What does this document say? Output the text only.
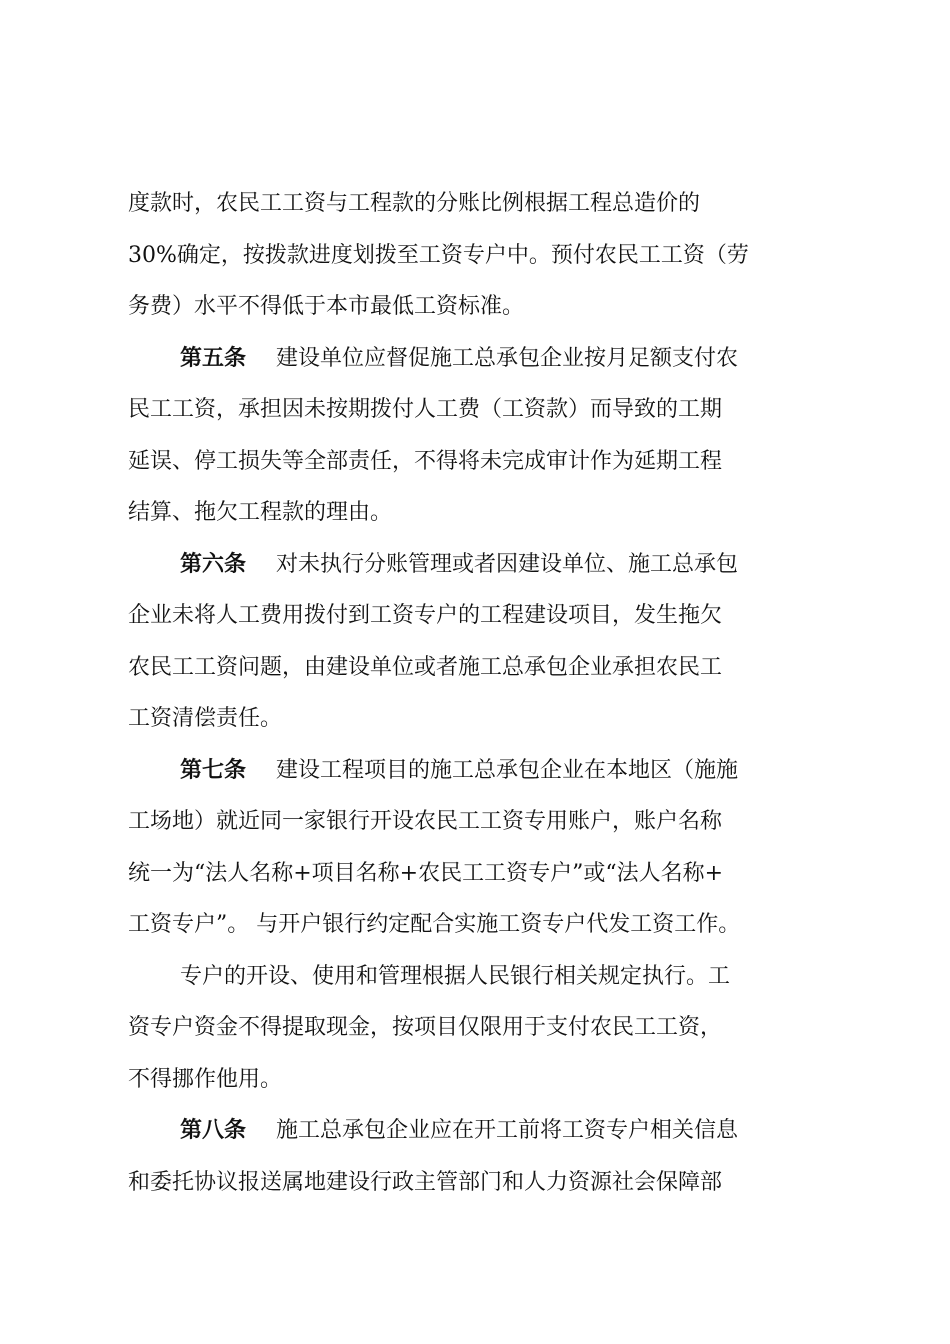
度款时，农民工工资与工程款的分账比例根据工程总造价的
30%确定，按拨款进度划拨至工资专户中。预付农民工工资（劳
务费）水平不得低于本市最低工资标准。
第五条 建设单位应督促施工总承包企业按月足额支付农
民工工资，承担因未按期拨付人工费（工资款）而导致的工期
延误、停工损失等全部责任，不得将未完成审计作为延期工程
结算、拖欠工程款的理由。
第六条 对未执行分账管理或者因建设单位、施工总承包
企业未将人工费用拨付到工资专户的工程建设项目，发生拖欠
农民工工资问题，由建设单位或者施工总承包企业承担农民工
工资清偿责任。
第七条 建设工程项目的施工总承包企业在本地区（施施
工场地）就近同一家银行开设农民工工资专用账户，账户名称
统一为“法人名称+项目名称+农民工工资专户”或“法人名称+
工资专户”。 与开户银行约定配合实施工资专户代发工资工作。
专户的开设、使用和管理根据人民银行相关规定执行。工
资专户资金不得提取现金，按项目仅限用于支付农民工工资，
不得挪作他用。
第八条 施工总承包企业应在开工前将工资专户相关信息
和委托协议报送属地建设行政主管部门和人力资源社会保障部
